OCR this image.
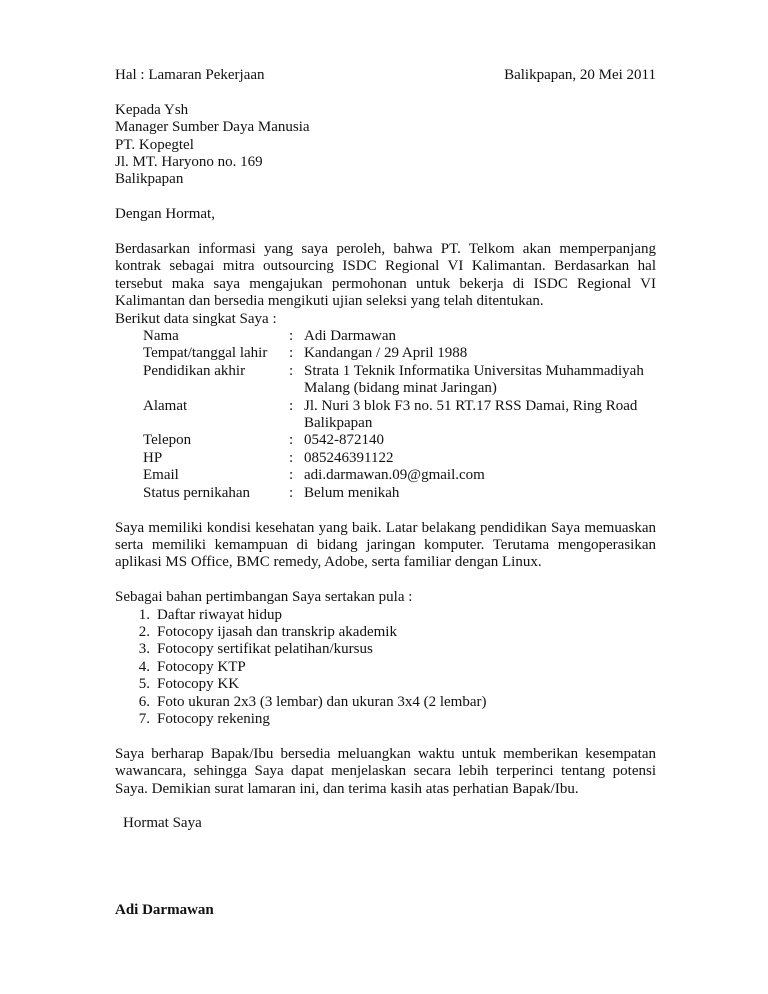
Hal : Lamaran Pekerjaan	Balikpapan, 20 Mei 2011
Kepada Ysh
Manager Sumber Daya Manusia
PT. Kopegtel
Jl. MT. Haryono no. 169
Balikpapan
Dengan Hormat,
Berdasarkan informasi yang saya peroleh, bahwa PT. Telkom akan memperpanjang kontrak sebagai mitra outsourcing ISDC Regional VI Kalimantan. Berdasarkan hal tersebut maka saya mengajukan permohonan untuk bekerja di ISDC Regional VI Kalimantan dan bersedia mengikuti ujian seleksi yang telah ditentukan.
Berikut data singkat Saya :
Nama	:	Adi Darmawan
Tempat/tanggal lahir	:	Kandangan / 29 April 1988
Pendidikan akhir	:	Strata 1 Teknik Informatika Universitas Muhammadiyah Malang (bidang minat Jaringan)
Alamat	:	Jl. Nuri 3 blok F3 no. 51 RT.17 RSS Damai, Ring Road Balikpapan
Telepon	:	0542-872140
HP	:	085246391122
Email	:	adi.darmawan.09@gmail.com
Status pernikahan	:	Belum menikah
Saya memiliki kondisi kesehatan yang baik. Latar belakang pendidikan Saya memuaskan serta memiliki kemampuan di bidang jaringan komputer. Terutama mengoperasikan aplikasi MS Office, BMC remedy, Adobe, serta familiar dengan Linux.
Sebagai bahan pertimbangan Saya sertakan pula :
1. Daftar riwayat hidup
2. Fotocopy ijasah dan transkrip akademik
3. Fotocopy sertifikat pelatihan/kursus
4. Fotocopy KTP
5. Fotocopy KK
6. Foto ukuran 2x3 (3 lembar) dan ukuran 3x4 (2 lembar)
7. Fotocopy rekening
Saya berharap Bapak/Ibu bersedia meluangkan waktu untuk memberikan kesempatan wawancara, sehingga Saya dapat menjelaskan secara lebih terperinci tentang potensi Saya. Demikian surat lamaran ini, dan terima kasih atas perhatian Bapak/Ibu.
Hormat Saya
Adi Darmawan
